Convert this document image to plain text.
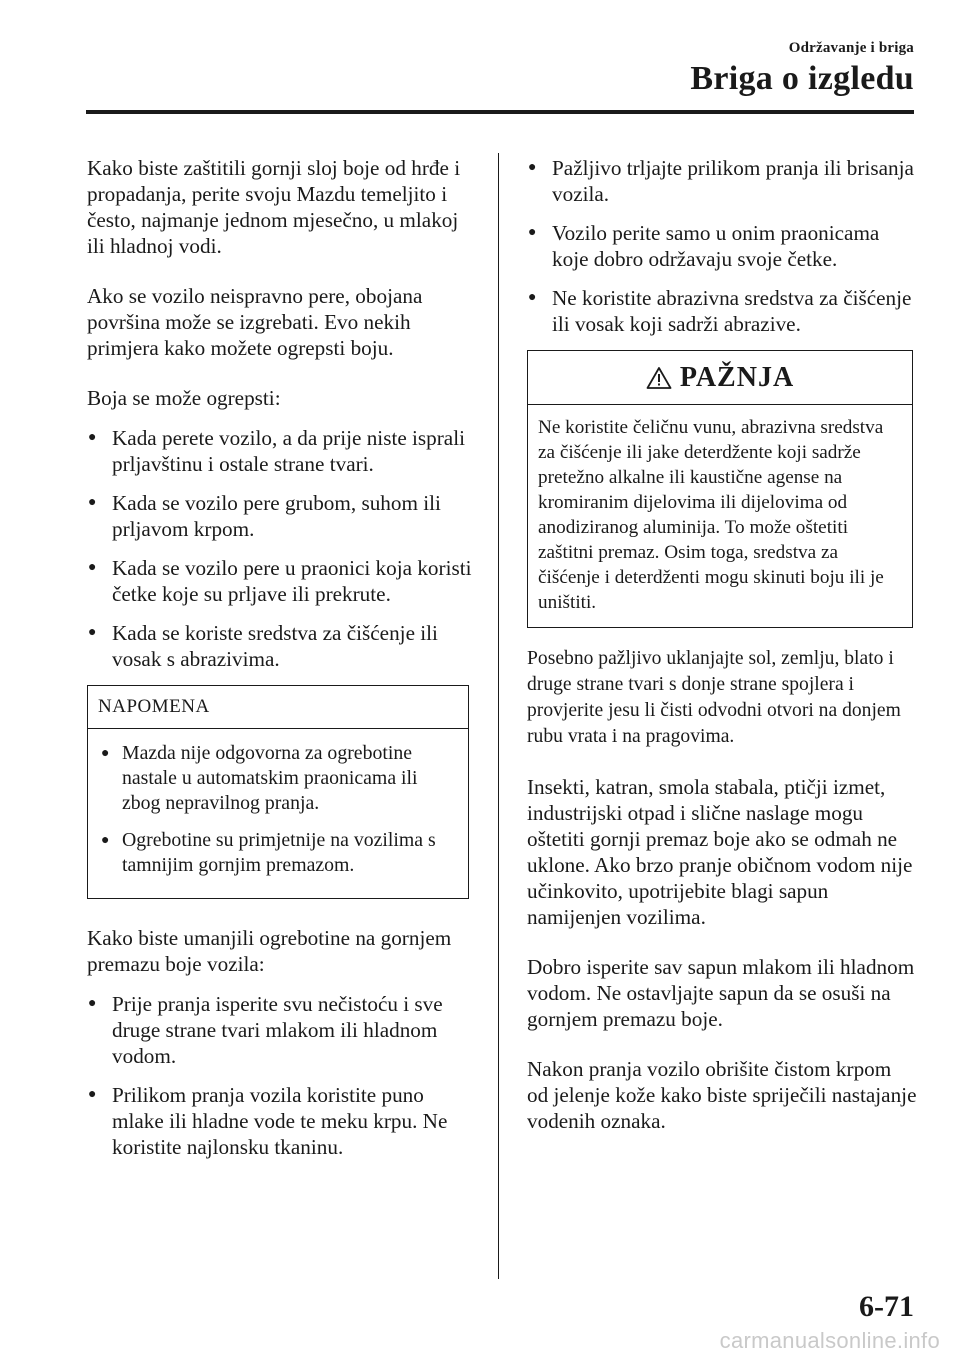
Održavanje i briga
Briga o izgledu

Kako biste zaštitili gornji sloj boje od hrđe i propadanja, perite svoju Mazdu temeljito i često, najmanje jednom mjesečno, u mlakoj ili hladnoj vodi.

Ako se vozilo neispravno pere, obojana površina može se izgrebati. Evo nekih primjera kako možete ogrepsti boju.

Boja se može ogrepsti:

● Kada perete vozilo, a da prije niste isprali prljavštinu i ostale strane tvari.
● Kada se vozilo pere grubom, suhom ili prljavom krpom.
● Kada se vozilo pere u praonici koja koristi četke koje su prljave ili prekrute.
● Kada se koriste sredstva za čišćenje ili vosak s abrazivima.
NAPOMENA
● Mazda nije odgovorna za ogrebotine nastale u automatskim praonicama ili zbog nepravilnog pranja.
● Ogrebotine su primjetnije na vozilima s tamnijim gornjim premazom.

Kako biste umanjili ogrebotine na gornjem premazu boje vozila:

● Prije pranja isperite svu nečistoću i sve druge strane tvari mlakom ili hladnom vodom.
● Prilikom pranja vozila koristite puno mlake ili hladne vode te meku krpu. Ne koristite najlonsku tkaninu.
● Pažljivo trljajte prilikom pranja ili brisanja vozila.
● Vozilo perite samo u onim praonicama koje dobro održavaju svoje četke.
● Ne koristite abrazivna sredstva za čišćenje ili vosak koji sadrži abrazive.
PAŽNJA
Ne koristite čeličnu vunu, abrazivna sredstva za čišćenje ili jake deterdžente koji sadrže pretežno alkalne ili kaustične agense na kromiranim dijelovima ili dijelovima od anodiziranog aluminija. To može oštetiti zaštitni premaz. Osim toga, sredstva za čišćenje i deterdženti mogu skinuti boju ili je uništiti.

Posebno pažljivo uklanjajte sol, zemlju, blato i druge strane tvari s donje strane spojlera i provjerite jesu li čisti odvodni otvori na donjem rubu vrata i na pragovima.

Insekti, katran, smola stabala, ptičji izmet, industrijski otpad i slične naslage mogu oštetiti gornji premaz boje ako se odmah ne uklone. Ako brzo pranje običnom vodom nije učinkovito, upotrijebite blagi sapun namijenjen vozilima.

Dobro isperite sav sapun mlakom ili hladnom vodom. Ne ostavljajte sapun da se osuši na gornjem premazu boje.

Nakon pranja vozilo obrišite čistom krpom od jelenje kože kako biste spriječili nastajanje vodenih oznaka.

6-71
carmanualsonline.info
